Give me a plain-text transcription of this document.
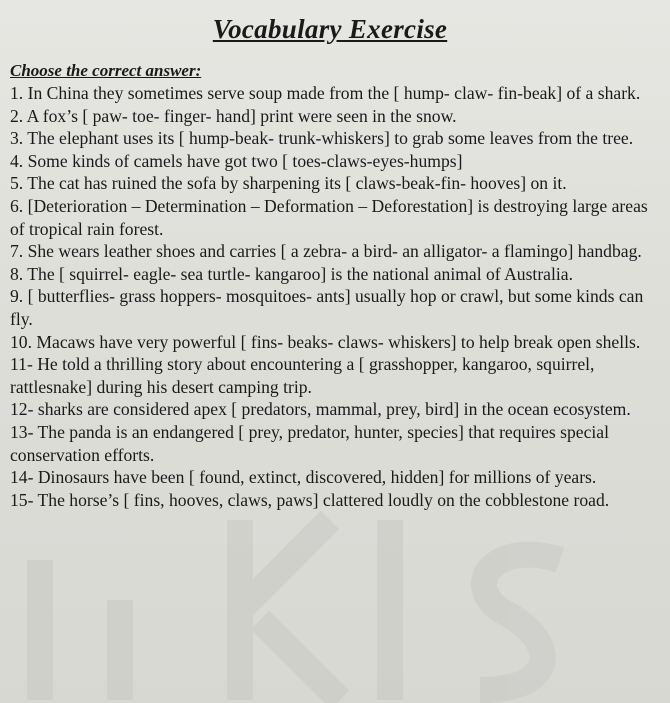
Vocabulary Exercise

Choose the correct answer:

1. In China they sometimes serve soup made from the [ hump- claw- fin-beak] of a shark.
2. A fox’s [ paw- toe- finger- hand] print were seen in the snow.
3. The elephant uses its [ hump-beak- trunk-whiskers] to grab some leaves from the tree.
4. Some kinds of camels have got two [ toes-claws-eyes-humps]
5. The cat has ruined the sofa by sharpening its [ claws-beak-fin- hooves] on it.
6. [Deterioration – Determination – Deformation – Deforestation] is destroying large areas of tropical rain forest.
7. She wears leather shoes and carries [ a zebra- a bird- an alligator- a flamingo] handbag.
8. The [ squirrel- eagle- sea turtle- kangaroo] is the national animal of Australia.
9. [ butterflies- grass hoppers- mosquitoes- ants] usually hop or crawl, but some kinds can fly.
10. Macaws have very powerful [ fins- beaks- claws- whiskers] to help break open shells.
11- He told a thrilling story about encountering a [ grasshopper, kangaroo, squirrel, rattlesnake] during his desert camping trip.
12- sharks are considered apex [ predators, mammal, prey, bird] in the ocean ecosystem.
13- The panda is an endangered [ prey, predator, hunter, species] that requires special conservation efforts.
14- Dinosaurs have been [ found, extinct, discovered, hidden] for millions of years.
15- The horse’s [ fins, hooves, claws, paws] clattered loudly on the cobblestone road.
